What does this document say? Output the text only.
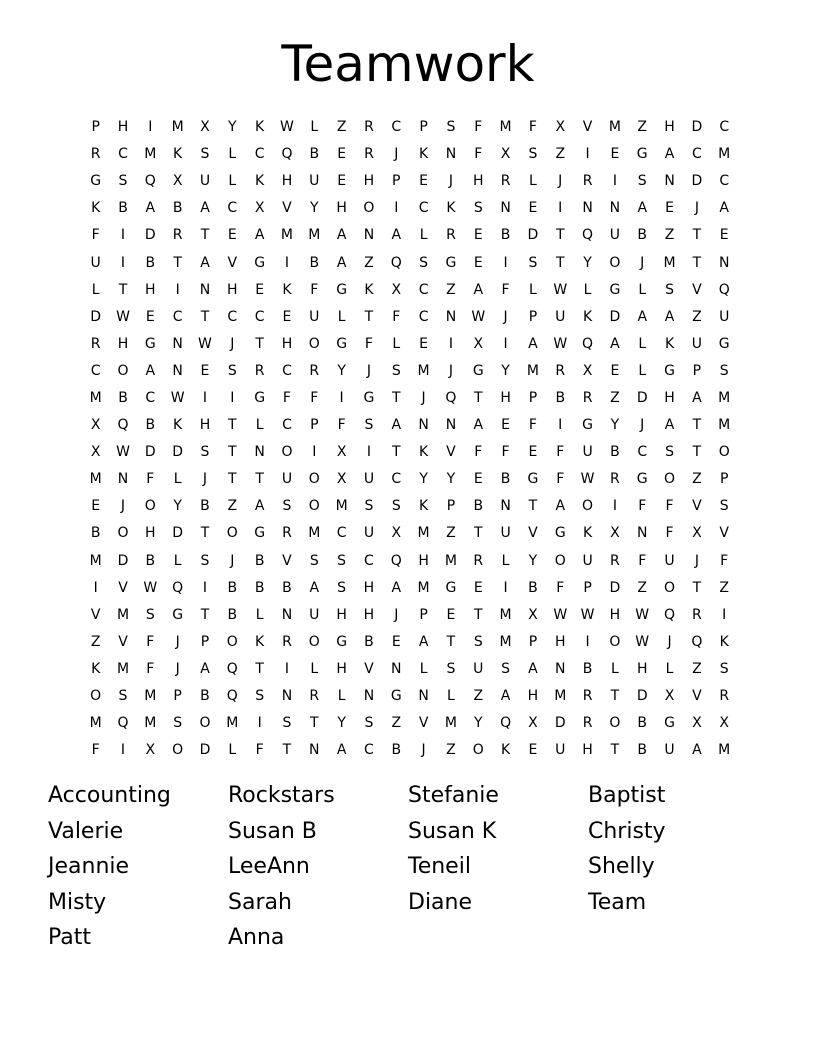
Teamwork
P	H	I	M	X	Y	K	W	L	Z	R	C	P	S	F	M	F	X	V	M	Z	H	D	C
R	C	M	K	S	L	C	Q	B	E	R	J	K	N	F	X	S	Z	I	E	G	A	C	M
G	S	Q	X	U	L	K	H	U	E	H	P	E	J	H	R	L	J	R	I	S	N	D	C
K	B	A	B	A	C	X	V	Y	H	O	I	C	K	S	N	E	I	N	N	A	E	J	A
F	I	D	R	T	E	A	M	M	A	N	A	L	R	E	B	D	T	Q	U	B	Z	T	E
U	I	B	T	A	V	G	I	B	A	Z	Q	S	G	E	I	S	T	Y	O	J	M	T	N
L	T	H	I	N	H	E	K	F	G	K	X	C	Z	A	F	L	W	L	G	L	S	V	Q
D	W	E	C	T	C	C	E	U	L	T	F	C	N	W	J	P	U	K	D	A	A	Z	U
R	H	G	N	W	J	T	H	O	G	F	L	E	I	X	I	A	W	Q	A	L	K	U	G
C	O	A	N	E	S	R	C	R	Y	J	S	M	J	G	Y	M	R	X	E	L	G	P	S
M	B	C	W	I	I	G	F	F	I	G	T	J	Q	T	H	P	B	R	Z	D	H	A	M
X	Q	B	K	H	T	L	C	P	F	S	A	N	N	A	E	F	I	G	Y	J	A	T	M
X	W	D	D	S	T	N	O	I	X	I	T	K	V	F	F	E	F	U	B	C	S	T	O
M	N	F	L	J	T	T	U	O	X	U	C	Y	Y	E	B	G	F	W	R	G	O	Z	P
E	J	O	Y	B	Z	A	S	O	M	S	S	K	P	B	N	T	A	O	I	F	F	V	S
B	O	H	D	T	O	G	R	M	C	U	X	M	Z	T	U	V	G	K	X	N	F	X	V
M	D	B	L	S	J	B	V	S	S	C	Q	H	M	R	L	Y	O	U	R	F	U	J	F
I	V	W	Q	I	B	B	B	A	S	H	A	M	G	E	I	B	F	P	D	Z	O	T	Z
V	M	S	G	T	B	L	N	U	H	H	J	P	E	T	M	X	W W	H	W	Q	R	I
Z	V	F	J	P	O	K	R	O	G	B	E	A	T	S	M	P	H	I	O	W	J	Q	K
K	M	F	J	A	Q	T	I	L	H	V	N	L	S	U	S	A	N	B	L	H	L	Z	S
O	S	M	P	B	Q	S	N	R	L	N	G	N	L	Z	A	H	M	R	T	D	X	V	R
M	Q	M	S	O	M	I	S	T	Y	S	Z	V	M	Y	Q	X	D	R	O	B	G	X	X
F	I	X	O	D	L	F	T	N	A	C	B	J	Z	O	K	E	U	H	T	B	U	A	M
Accounting	Rockstars	Stefanie	Baptist
Valerie	Susan B	Susan K	Christy
Jeannie	LeeAnn	Teneil	Shelly
Misty	Sarah	Diane	Team
Patt	Anna
